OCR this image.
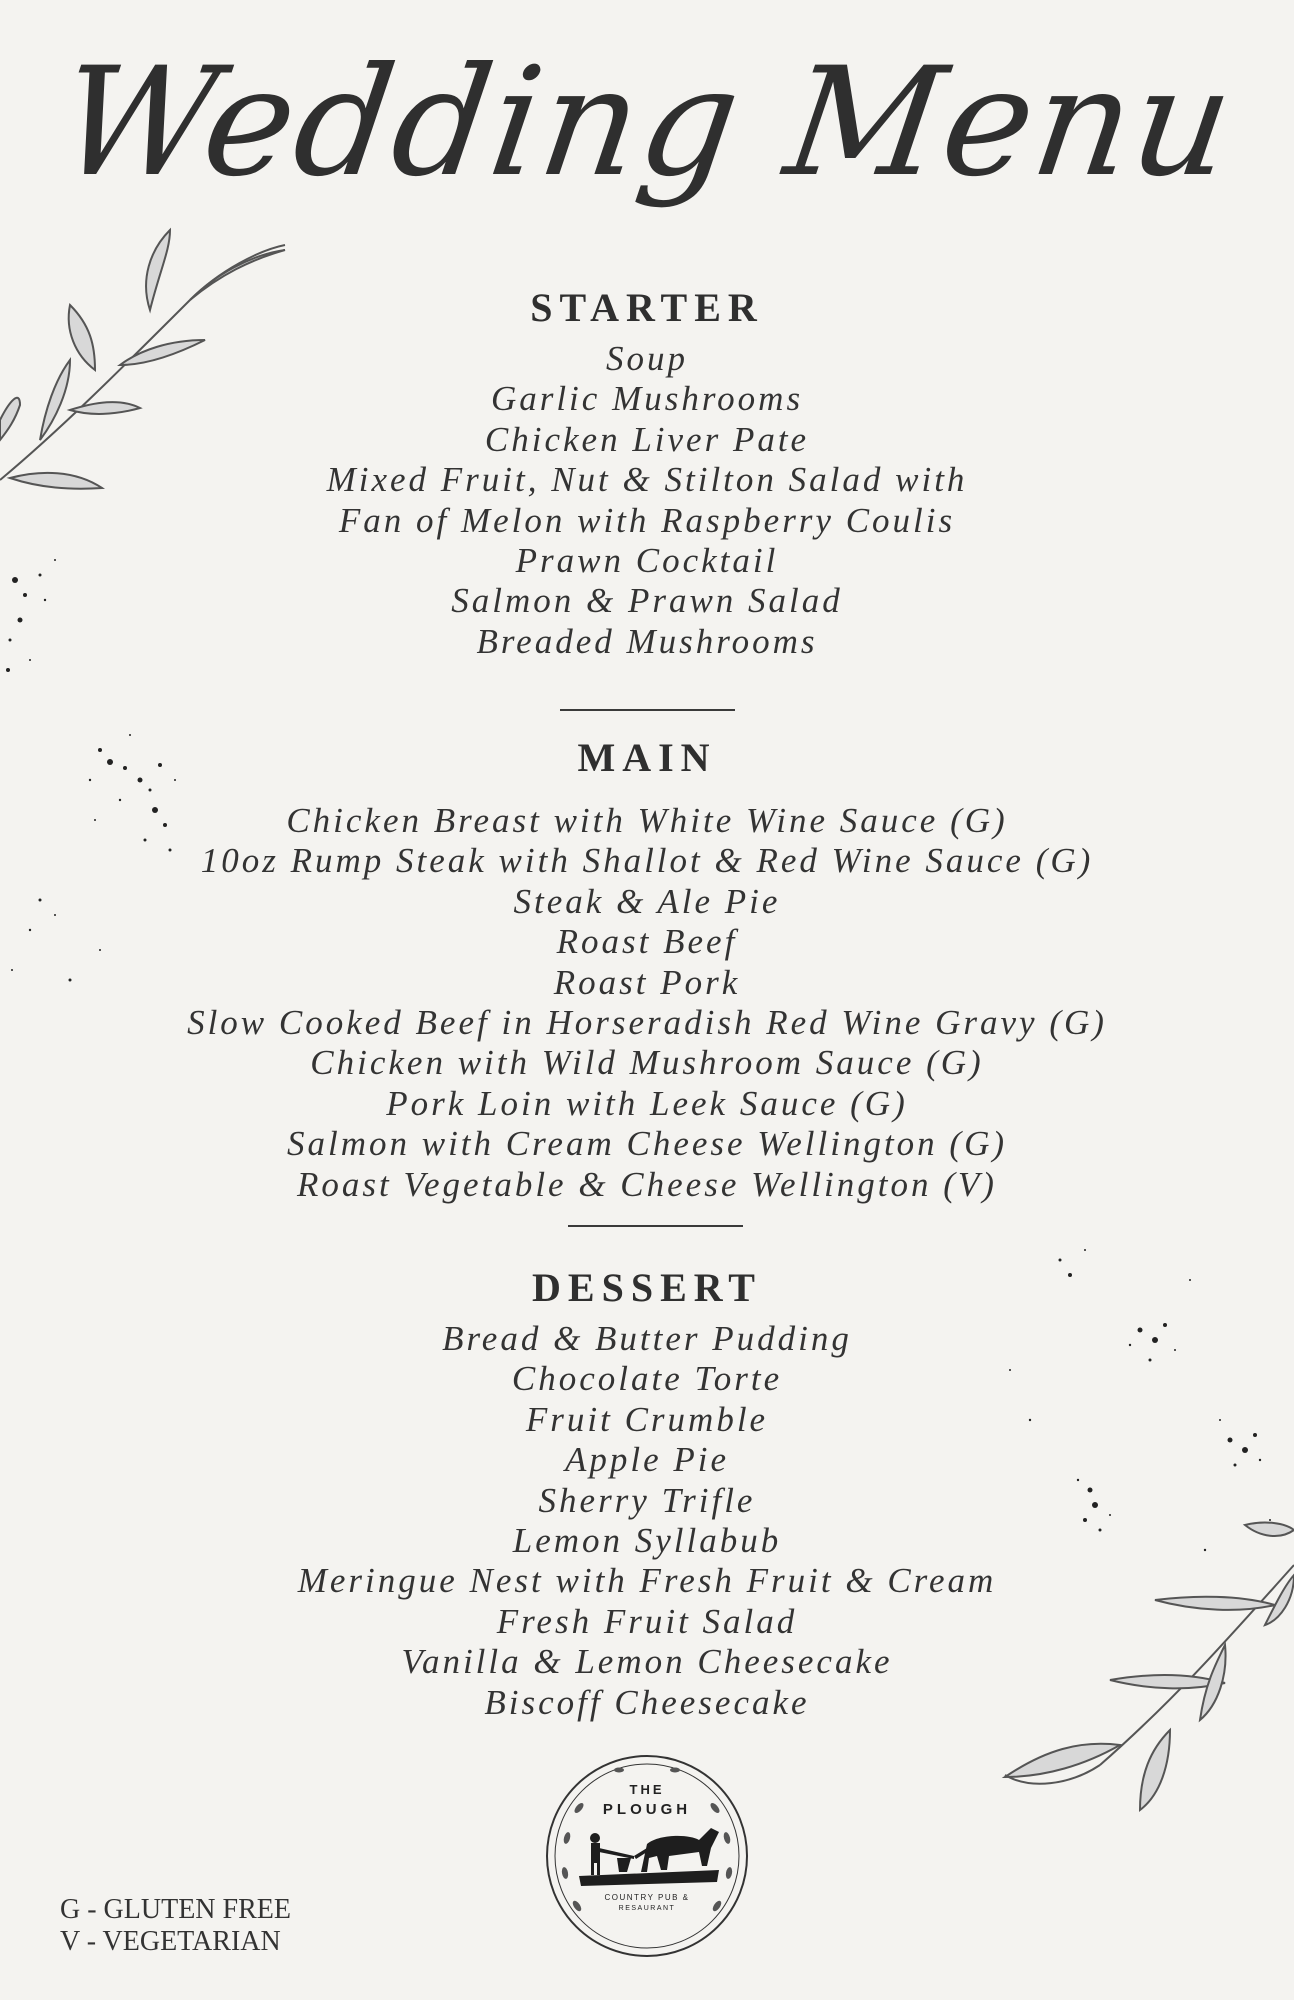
Wedding Menu
STARTER
Soup
Garlic Mushrooms
Chicken Liver Pate
Mixed Fruit, Nut & Stilton Salad with
Fan of Melon with Raspberry Coulis
Prawn Cocktail
Salmon & Prawn Salad
Breaded Mushrooms
MAIN
Chicken Breast with White Wine Sauce (G)
10oz Rump Steak with Shallot & Red Wine Sauce (G)
Steak & Ale Pie
Roast Beef
Roast Pork
Slow Cooked Beef in Horseradish Red Wine Gravy (G)
Chicken with Wild Mushroom Sauce (G)
Pork Loin with Leek Sauce (G)
Salmon with Cream Cheese Wellington (G)
Roast Vegetable & Cheese Wellington (V)
DESSERT
Bread & Butter Pudding
Chocolate Torte
Fruit Crumble
Apple Pie
Sherry Trifle
Lemon Syllabub
Meringue Nest with Fresh Fruit & Cream
Fresh Fruit Salad
Vanilla & Lemon Cheesecake
Biscoff Cheesecake
THE
PLOUGH
COUNTRY PUB &
RESAURANT
G - GLUTEN FREE
V - VEGETARIAN
